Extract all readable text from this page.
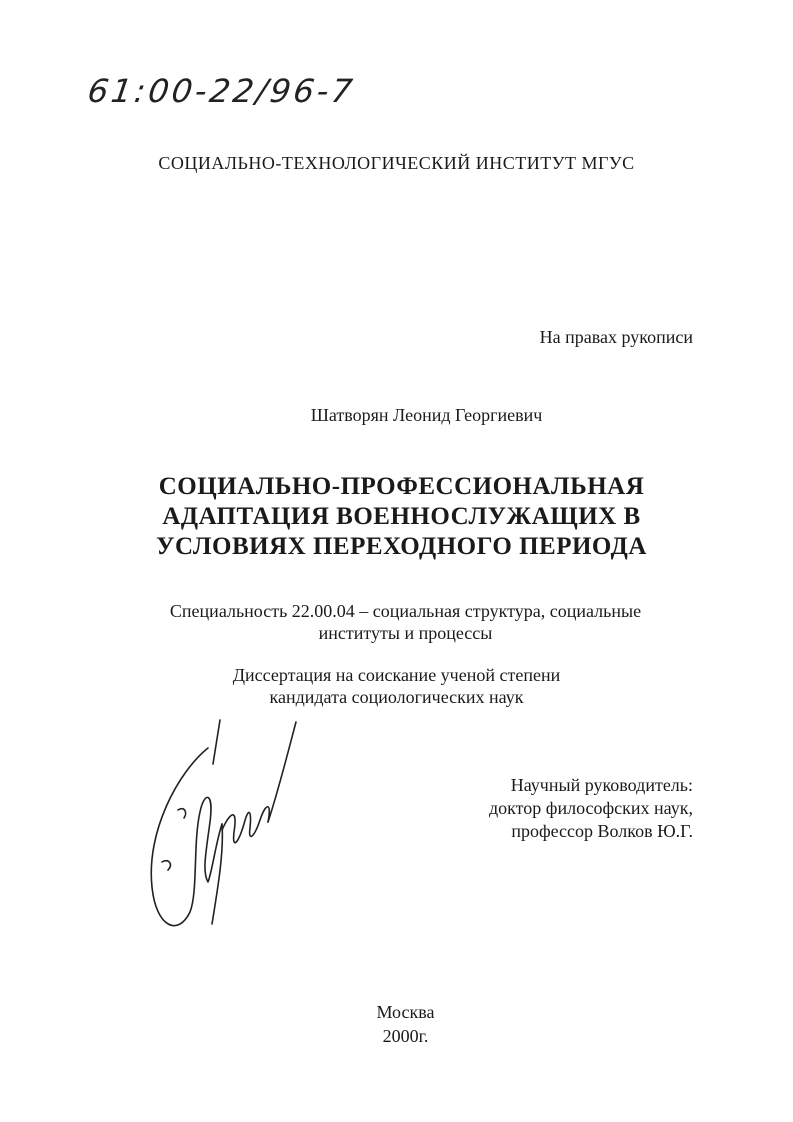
61:00-22/96-7
СОЦИАЛЬНО-ТЕХНОЛОГИЧЕСКИЙ ИНСТИТУТ МГУС
На правах рукописи
Шатворян Леонид Георгиевич
СОЦИАЛЬНО-ПРОФЕССИОНАЛЬНАЯ
АДАПТАЦИЯ ВОЕННОСЛУЖАЩИХ В
УСЛОВИЯХ ПЕРЕХОДНОГО ПЕРИОДА
Специальность 22.00.04 – социальная структура, социальные
институты и процессы
Диссертация на соискание ученой степени
кандидата социологических наук
Научный руководитель:
доктор философских наук,
профессор Волков Ю.Г.
Москва
2000г.
